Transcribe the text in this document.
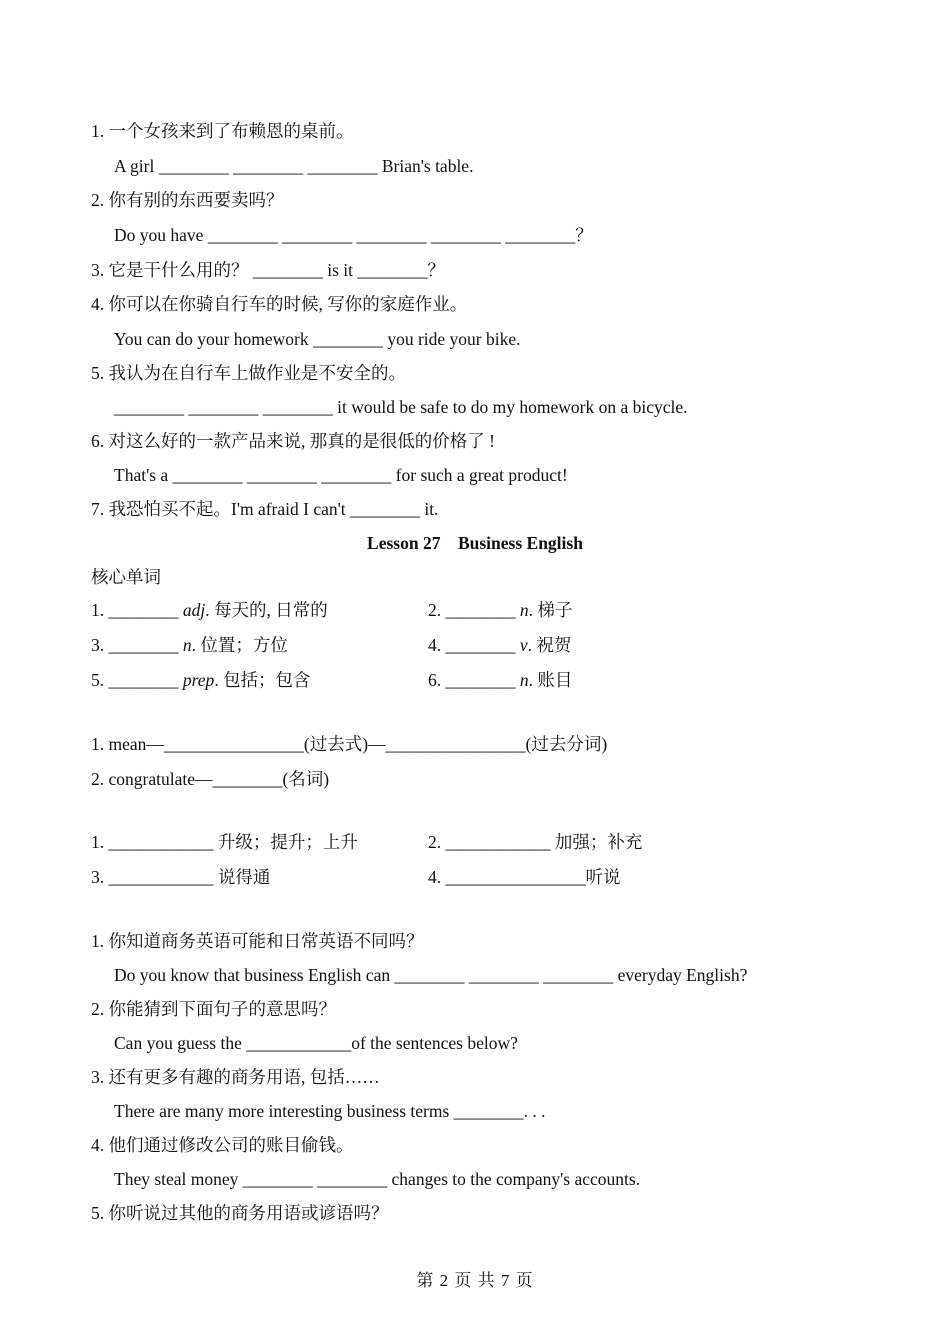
1. 一个女孩来到了布赖恩的桌前。
A girl ________ ________ ________ Brian's table.
2. 你有别的东西要卖吗？
Do you have ________ ________ ________ ________ ________？
3. 它是干什么用的？ ________ is it ________？
4. 你可以在你骑自行车的时候, 写你的家庭作业。
You can do your homework ________ you ride your bike.
5. 我认为在自行车上做作业是不安全的。
________ ________ ________ it would be safe to do my homework on a bicycle.
6. 对这么好的一款产品来说, 那真的是很低的价格了 !
That's a ________ ________ ________ for such a great product!
7. 我恐怕买不起。I'm afraid I can't ________ it.
Lesson 27　Business English
核心单词
1. ________ adj. 每天的, 日常的	2. ________ n. 梯子
3. ________ n. 位置；方位	4. ________ v. 祝贺
5. ________ prep. 包括；包含	6. ________ n. 账目
1. mean—________________(过去式)—________________(过去分词)
2. congratulate—________(名词)
1. ____________ 升级；提升；上升	2. ____________ 加强；补充
3. ____________ 说得通	4. ________________听说
1. 你知道商务英语可能和日常英语不同吗？
Do you know that business English can ________ ________ ________ everyday English?
2. 你能猜到下面句子的意思吗？
Can you guess the ____________of the sentences below?
3. 还有更多有趣的商务用语, 包括……
There are many more interesting business terms ________. . .
4. 他们通过修改公司的账目偷钱。
They steal money ________ ________ changes to the company's accounts.
5. 你听说过其他的商务用语或谚语吗？
第 2 页 共 7 页
